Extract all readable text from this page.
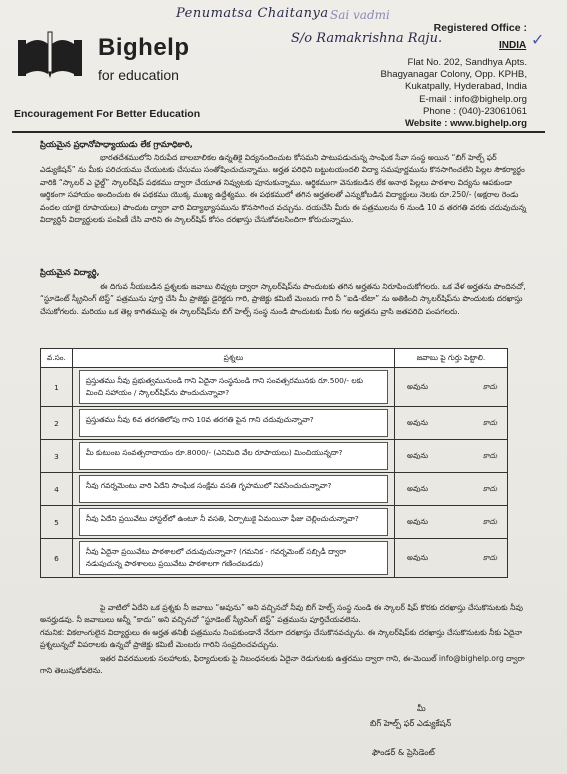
Bighelp
for education
Encouragement For Better Education
Penumatsa Chaitanya Sai vadmi
S/o Ramakrishna Raju.
Registered Office :
INDIA ✓
Flat No. 202, Sandhya Apts.
Bhagyanagar Colony, Opp. KPHB,
Kukatpally, Hyderabad, India
E-mail : info@bighelp.org
Phone : (040)-23061061
Website : www.bighelp.org
ప్రియమైన ప్రధానోపాధ్యాయుడు లేక గ్రామాధికారి,
భారతదేశములోని నిరుపేద బాలబాలికల ఉన్నతికై విద్యనందించుట కోసమని పాటుపడుచున్న సాంఘిక సేవా సంస్థ అయిన “బిగ్ హెల్ప్ ఫర్ ఎడ్యుకేషన్” ను మీకు పరిచయము చేయుటకు చేసుము సంతోషించుచున్నాము. అర్హత పరిధిని బట్టుటయందలి విద్యా సమపూర్ణమును కొనసాగించలేని పిల్లల సౌకర్యార్థం వారికి “స్కాలర్ ఎ ఛైల్డ్” స్కాలర్‌షిప్ పథకము ద్వారా చేయూత నివ్వుటకు పూనుకున్నాము. ఆర్థికముగా వెనుకబడిన లేక అనాథ పిల్లలు పాఠశాల విద్యను ఆపకుండా ఆర్థికంగా సహాయం అందించుట ఈ పథకము యొక్క ముఖ్య ఉద్దేశ్యము. ఈ పథకములో తగిన అర్హతలతో ఎన్నుకోబడిన విద్యార్థులు నెలకు రూ.250/- (అక్షరాల రెండు వందల యాభై రూపాయలు) పొందుట ద్వారా వారి విద్యాభ్యాసమును కొనసాగించ వచ్చును. దయచేసి మీరు ఈ పత్రములను 6 నుండి 10 వ తరగతి వరకు చదువుచున్న విద్యార్థినీ విద్యార్థులకు పంపిణీ చేసి వారిని ఈ స్కాలర్‌షిప్ కోసం దరఖాస్తు చేసుకోవలసిందిగా కోరుచున్నాము.
ప్రియమైన విద్యార్థి,
ఈ దిగువ నీయబడిన ప్రశ్నలకు జవాబు లివ్వుట ద్వారా స్కాలర్‌షిప్‌ను పొందుటకు తగిన అర్హతను నిరూపించుకోగలరు. ఒక వేళ అర్హతను పొందినచో, “స్టూడెంట్ స్క్రీనింగ్ టెస్ట్” పత్రమును పూర్తి చేసి మీ ప్రాజెక్టు డైరెక్టరు గారి, ప్రాజెక్టు కమిటీ మెంబరు గారి నీ “ఐడి-టేటా” ను అతికించి స్కాలర్‌షిప్‌ను పొందుటకు దరఖాస్తు చేసుకోగలరు. మరియు ఒక తెల్ల కాగితముపై ఈ స్కాలర్‌షిప్‌ను బిగ్ హెల్ప్ సంస్థ నుండి పొందుటకు మీకు గల అర్హతను వ్రాసి జతపరిచి పంపగలరు.
వ.సం.	ప్రశ్నలు	జవాబు పై గుర్తు పెట్టాలి.
1	ప్రస్తుతము నీవు ప్రభుత్వమునుండి గాని ఏదైనా సంస్థనుండి గాని సంవత్సరమునకు రూ.500/- లకు మించి సహాయం / స్కాలర్‌షిప్‌ను పొందుచున్నావా?	అవును కాదు

2	ప్రస్తుతము నీవు 6వ తరగతిలోపు గాని 10వ తరగతి పైన గాని చదువుచున్నావా?	అవును కాదు

3	మీ కుటుంబ సంవత్సరాదాయం రూ.8000/- (ఎనిమిది వేల రూపాయలు) మించియున్నదా?	అవును కాదు

4	నీవు గవర్నమెంటు వారి ఏదేని సాంఘిక సంక్షేమ వసతి గృహములో నివసించుచున్నావా?	అవును కాదు

5	నీవు ఏదేని ప్రయివేటు హాస్టల్‌లో ఉంటూ నీ వసతి, ఏర్పాటుకై ఏమయినా ఫీజు చెల్లించుచున్నావా?	అవును కాదు

6	నీవు ఏదైనా ప్రయివేటు పాఠశాలలో చదువుచున్నావా? (గమనిక - గవర్నమెంట్ సబ్సిడీ ద్వారా నడుపుచున్న పాఠశాలలు ప్రయివేటు పాఠశాలగా గణించబడదు)	అవును కాదు
పై వాటిలో ఏదేని ఒక ప్రశ్నకు నీ జవాబు “అవును” అని వచ్చినచో నీవు బిగ్ హెల్ప్ సంస్థ నుండి ఈ స్కాలర్ షిప్ కొరకు దరఖాస్తు చేసుకొనుటకు నీవు అనర్హుడవు. నీ జవాబులు అన్నీ “కాదు” అని వచ్చినచో “స్టూడెంట్ స్క్రీనింగ్ టెస్ట్” పత్రమును పూర్తిచేయవలెను.
గమనిక: వికలాంగులైన విద్యార్థులు ఈ అర్హత తనిఖీ పత్రమును నింపకుండానే నేరుగా దరఖాస్తు చేసుకొనవచ్చును. ఈ స్కాలర్‌షిప్‌కు దరఖాస్తు చేసుకొనుటకు నీకు ఏదైనా ప్రశ్నలున్నచో విపరాలకు ఉన్నచో ప్రాజెక్టు కమిటీ మెంబరు గారిని సంప్రదించవచ్చును.
ఇతర వివరములకు సలహాలకు, ఫిర్యాదులకు పై నిబంధనలకు ఏదైనా రెడుగుటకు ఉత్తరము ద్వారా గాని, ఈ-మెయిల్ info@bighelp.org ద్వారా గాని తెలుపుకోవలెను.
మీ
బిగ్ హెల్ప్ ఫర్ ఎడ్యుకేషన్
ఫౌండర్ & ప్రెసిడెంట్
